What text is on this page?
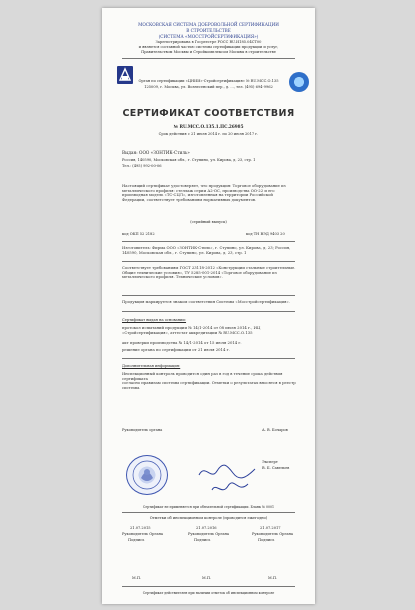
МОСКОВСКАЯ СИСТЕМА ДОБРОВОЛЬНОЙ СЕРТИФИКАЦИИ

В СТРОИТЕЛЬСТВЕ

(СИСТЕМА «МОССТРОЙСЕРТИФИКАЦИЯ»)

Зарегистрирована в Госреестре РОСС RU.И185.04СТ00

и является составной частью системы сертификации продукции и услуг,

Правительством Москвы и Стройкомплексом Москвы в строительстве

Орган по сертификации «ЦНИИ»-Стройсертификация» № RU.МСС.О.135

125009, г. Москва, ул. Вознесенский пер., д. ..., тел. (495) 694-9962

СЕРТИФИКАТ СООТВЕТСТВИЯ

№ RU.МСС.О.135.1.ПС.26985

Срок действия с 21 июля 2014 г. по 20 июля 2017 г.

Выдан: ООО «ЗОНТИК-Стиль»

Россия, 140590, Московская обл., г. Ступино, ул. Кирова, д. 23, стр. 1

Тел.: (495) 992-00-06

Настоящий сертификат удостоверяет, что продукция: Торговое оборудование из металлического профиля: стеллаж серии А2-ОС, производства ОО-22 и его производная модель «ТС-СЦЛ», изготовленная на территории Российской Федерации, соответствует требованиям нормативных документов.

(серийный выпуск)

код ОКП 52 2182	код ТН ВЭД 9403 20

Изготовитель: Фирма ООО «ЗОНТИК-Стиль», г. Ступино, ул. Кирова, д. 23; Россия, 140590, Московская обл., г. Ступино, ул. Кирова, д. 23, стр. 1

Соответствует требованиям ГОСТ 23118-2012 «Конструкции стальные строительные. Общие технические условия», ТУ 5285-001-2014 «Торговое оборудование из металлического профиля. Технические условия».

Продукция маркируется знаком соответствия Системы «Мосстройсертификация».

Сертификат выдан на основании:

протокол испытаний продукции № 14/1-2014 от 08 июля 2014 г., ИЦ «Стройсертификация», аттестат аккредитации № RU.МСС.О.135

акт проверки производства № 14/1-2014 от 15 июля 2014 г.

решение органа по сертификации от 21 июля 2014 г.

Дополнительная информация:

Инспекционный контроль проводится один раз в год в течение срока действия сертификата

согласно правилам системы сертификации. Отметки о результатах вносятся в реестр системы.

Руководитель органа	А. В. Бочаров

Эксперт

В. Б. Савельев

Сертификат не применяется при обязательной сертификации. Бланк № 0001

Отметки об инспекционном контроле (проводится ежегодно)

21.07.2015	21.07.2016	21.07.2017

Руководитель Органа	Руководитель Органа	Руководитель Органа

Подпись	Подпись	Подпись

М.П.	М.П.	М.П.

Сертификат действителен при наличии отметок об инспекционном контроле
